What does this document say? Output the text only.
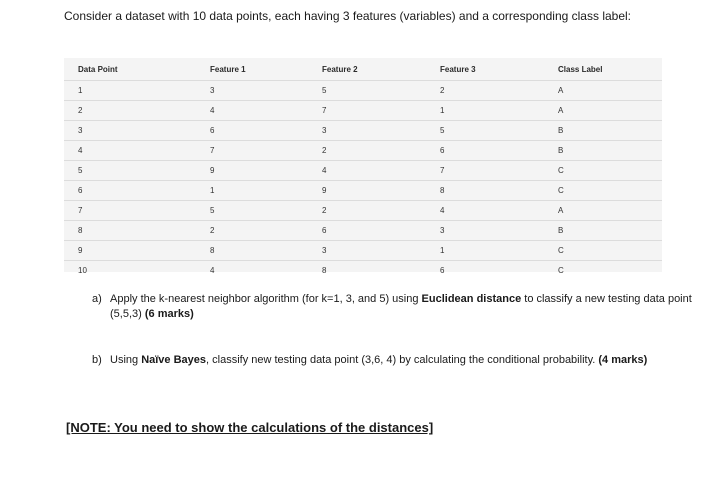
Consider a dataset with 10 data points, each having 3 features (variables) and a corresponding class label:
Data Point	Feature 1	Feature 2	Feature 3	Class Label
1	3	5	2	A
2	4	7	1	A
3	6	3	5	B
4	7	2	6	B
5	9	4	7	C
6	1	9	8	C
7	5	2	4	A
8	2	6	3	B
9	8	3	1	C
10	4	8	6	C
a) Apply the k-nearest neighbor algorithm (for k=1, 3, and 5) using Euclidean distance to classify a new testing data point (5,5,3) (6 marks)
b) Using Naïve Bayes, classify new testing data point (3,6, 4) by calculating the conditional probability. (4 marks)
[NOTE: You need to show the calculations of the distances]
